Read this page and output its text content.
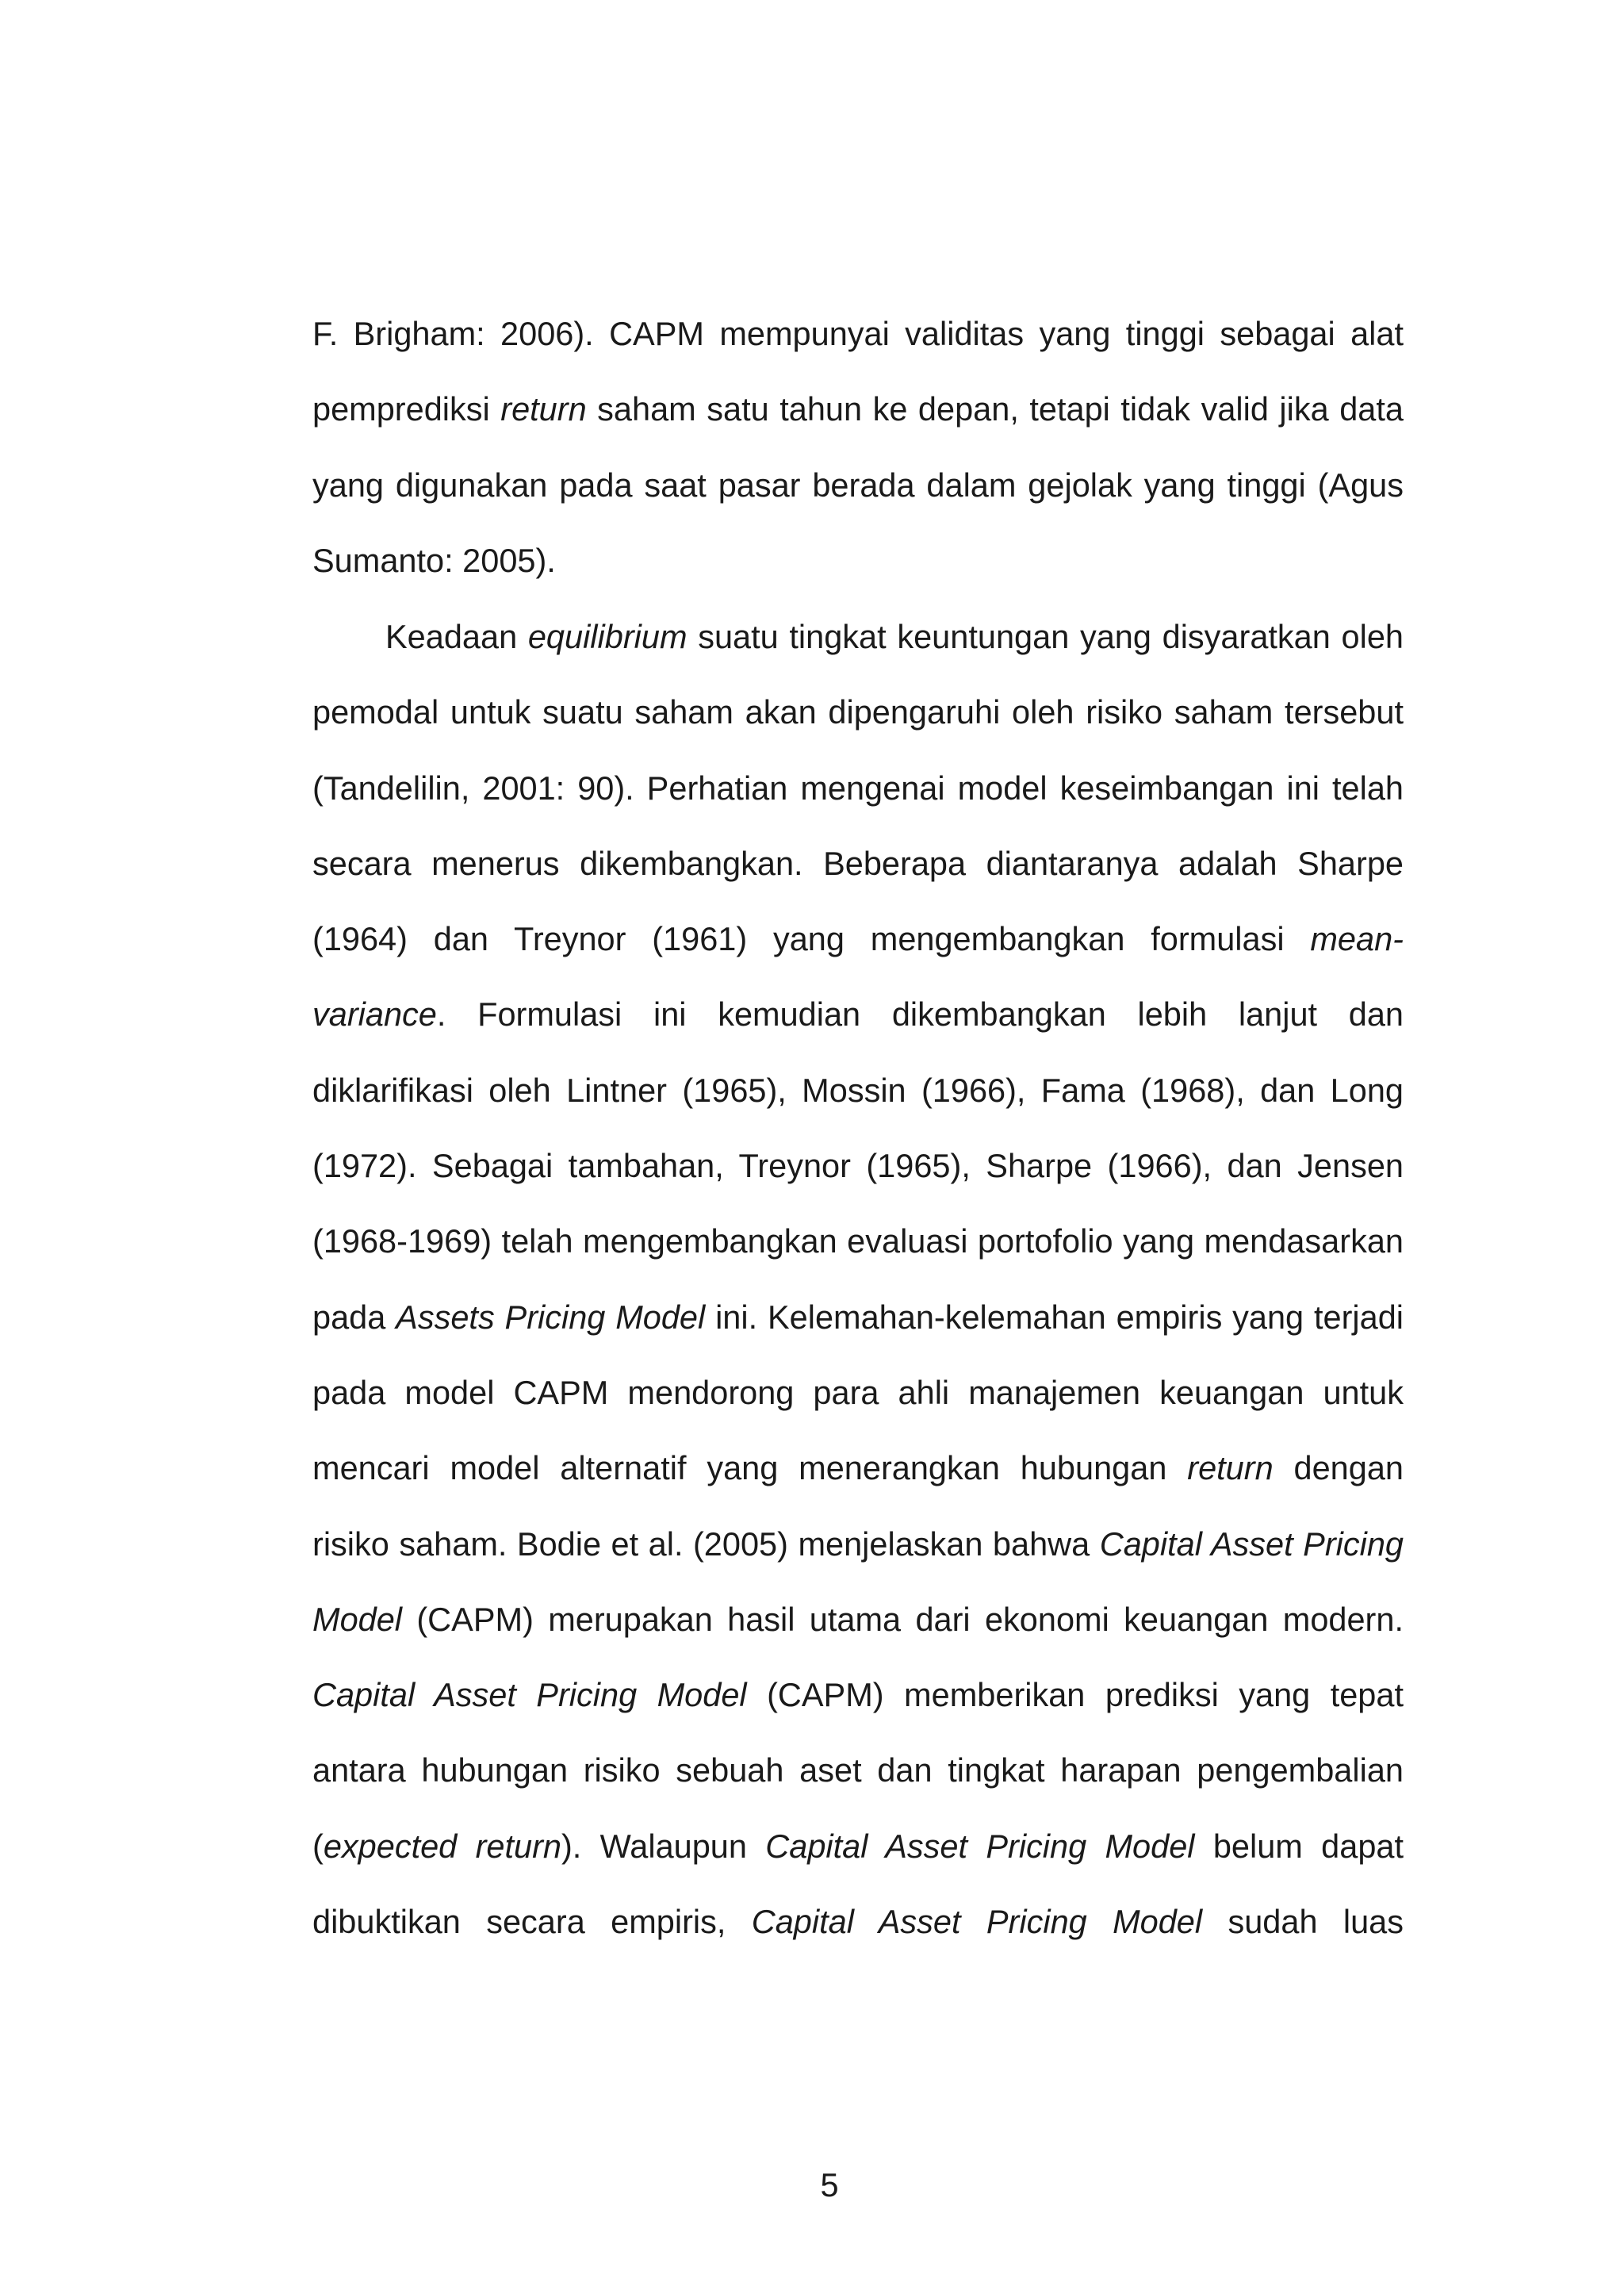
F. Brigham: 2006). CAPM mempunyai validitas yang tinggi sebagai alat
pemprediksi return saham satu tahun ke depan, tetapi tidak valid jika data
yang digunakan pada saat pasar berada dalam gejolak yang tinggi (Agus
Sumanto: 2005).
Keadaan equilibrium suatu tingkat keuntungan yang disyaratkan oleh
pemodal untuk suatu saham akan dipengaruhi oleh risiko saham tersebut
(Tandelilin, 2001: 90). Perhatian mengenai model keseimbangan ini telah
secara menerus dikembangkan. Beberapa diantaranya adalah Sharpe
(1964) dan Treynor (1961) yang mengembangkan formulasi mean-
variance. Formulasi ini kemudian dikembangkan lebih lanjut dan
diklarifikasi oleh Lintner (1965), Mossin (1966), Fama (1968), dan Long
(1972). Sebagai tambahan, Treynor (1965), Sharpe (1966), dan Jensen
(1968-1969) telah mengembangkan evaluasi portofolio yang mendasarkan
pada Assets Pricing Model ini. Kelemahan-kelemahan empiris yang terjadi
pada model CAPM mendorong para ahli manajemen keuangan untuk
mencari model alternatif yang menerangkan hubungan return dengan
risiko saham. Bodie et al. (2005) menjelaskan bahwa Capital Asset Pricing
Model (CAPM) merupakan hasil utama dari ekonomi keuangan modern.
Capital Asset Pricing Model (CAPM) memberikan prediksi yang tepat
antara hubungan risiko sebuah aset dan tingkat harapan pengembalian
(expected return). Walaupun Capital Asset Pricing Model belum dapat
dibuktikan secara empiris, Capital Asset Pricing Model sudah luas
5
